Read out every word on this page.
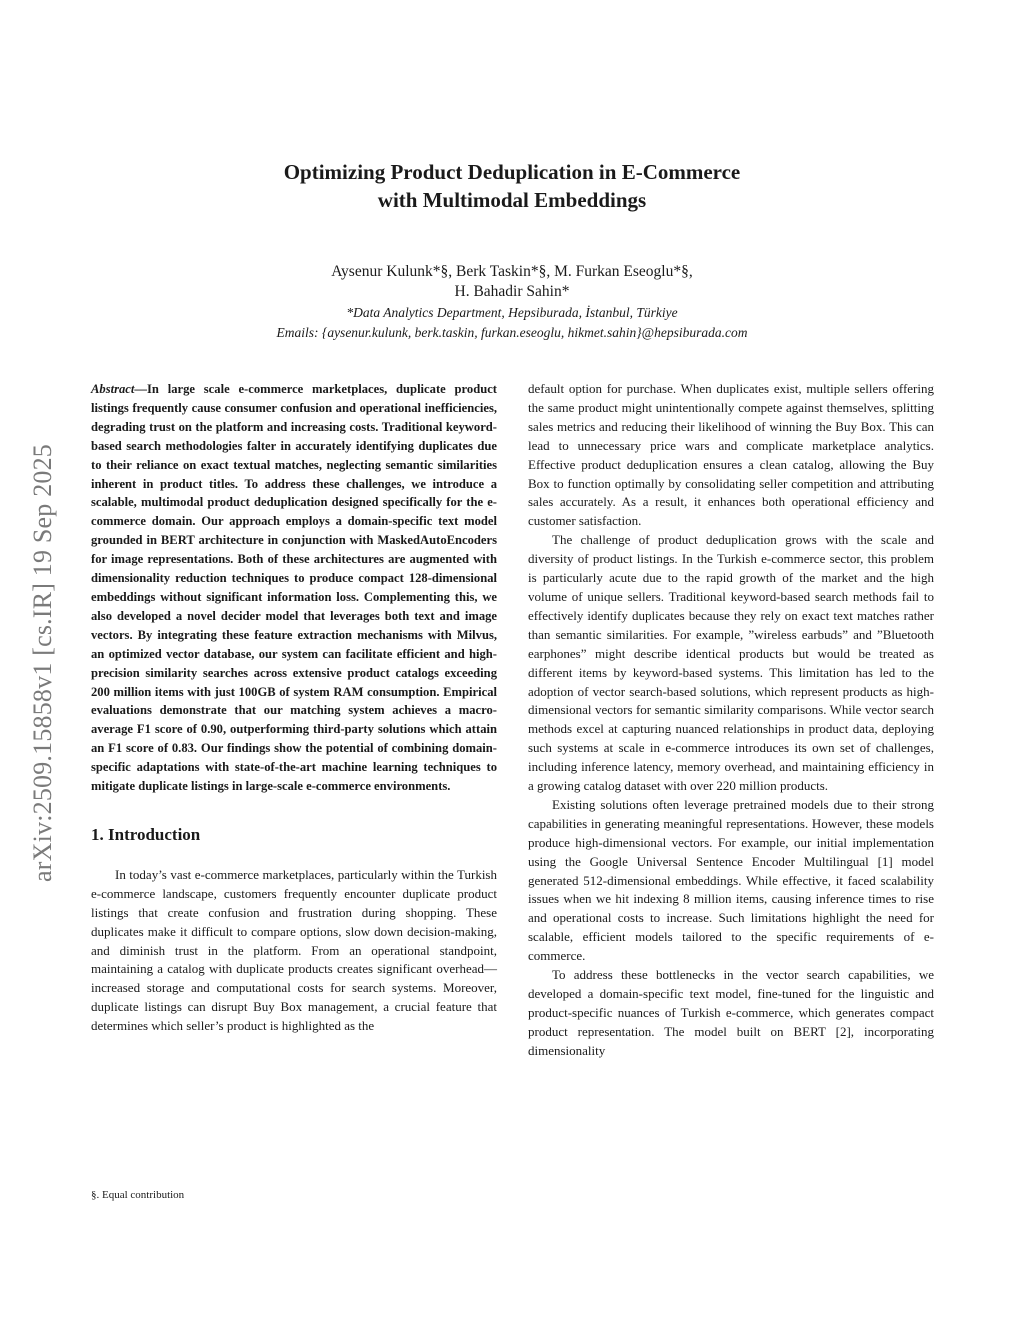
Optimizing Product Deduplication in E-Commerce
with Multimodal Embeddings
Aysenur Kulunk*§, Berk Taskin*§, M. Furkan Eseoglu*§,
H. Bahadir Sahin*
*Data Analytics Department, Hepsiburada, İstanbul, Türkiye
Emails: {aysenur.kulunk, berk.taskin, furkan.eseoglu, hikmet.sahin}@hepsiburada.com
arXiv:2509.15858v1 [cs.IR] 19 Sep 2025

Abstract—In large scale e-commerce marketplaces, duplicate product listings frequently cause consumer confusion and operational inefficiencies, degrading trust on the platform and increasing costs. Traditional keyword-based search methodologies falter in accurately identifying duplicates due to their reliance on exact textual matches, neglecting semantic similarities inherent in product titles. To address these challenges, we introduce a scalable, multimodal product deduplication designed specifically for the e-commerce domain. Our approach employs a domain-specific text model grounded in BERT architecture in conjunction with MaskedAutoEncoders for image representations. Both of these architectures are augmented with dimensionality reduction techniques to produce compact 128-dimensional embeddings without significant information loss. Complementing this, we also developed a novel decider model that leverages both text and image vectors. By integrating these feature extraction mechanisms with Milvus, an optimized vector database, our system can facilitate efficient and high-precision similarity searches across extensive product catalogs exceeding 200 million items with just 100GB of system RAM consumption. Empirical evaluations demonstrate that our matching system achieves a macro-average F1 score of 0.90, outperforming third-party solutions which attain an F1 score of 0.83. Our findings show the potential of combining domain-specific adaptations with state-of-the-art machine learning techniques to mitigate duplicate listings in large-scale e-commerce environments.

1. Introduction

In today’s vast e-commerce marketplaces, particularly within the Turkish e-commerce landscape, customers frequently encounter duplicate product listings that create confusion and frustration during shopping. These duplicates make it difficult to compare options, slow down decision-making, and diminish trust in the platform. From an operational standpoint, maintaining a catalog with duplicate products creates significant overhead—increased storage and computational costs for search systems. Moreover, duplicate listings can disrupt Buy Box management, a crucial feature that determines which seller’s product is highlighted as the

default option for purchase. When duplicates exist, multiple sellers offering the same product might unintentionally compete against themselves, splitting sales metrics and reducing their likelihood of winning the Buy Box. This can lead to unnecessary price wars and complicate marketplace analytics. Effective product deduplication ensures a clean catalog, allowing the Buy Box to function optimally by consolidating seller competition and attributing sales accurately. As a result, it enhances both operational efficiency and customer satisfaction.

The challenge of product deduplication grows with the scale and diversity of product listings. In the Turkish e-commerce sector, this problem is particularly acute due to the rapid growth of the market and the high volume of unique sellers. Traditional keyword-based search methods fail to effectively identify duplicates because they rely on exact text matches rather than semantic similarities. For example, ”wireless earbuds” and ”Bluetooth earphones” might describe identical products but would be treated as different items by keyword-based systems. This limitation has led to the adoption of vector search-based solutions, which represent products as high-dimensional vectors for semantic similarity comparisons. While vector search methods excel at capturing nuanced relationships in product data, deploying such systems at scale in e-commerce introduces its own set of challenges, including inference latency, memory overhead, and maintaining efficiency in a growing catalog dataset with over 220 million products.

Existing solutions often leverage pretrained models due to their strong capabilities in generating meaningful representations. However, these models produce high-dimensional vectors. For example, our initial implementation using the Google Universal Sentence Encoder Multilingual [1] model generated 512-dimensional embeddings. While effective, it faced scalability issues when we hit indexing 8 million items, causing inference times to rise and operational costs to increase. Such limitations highlight the need for scalable, efficient models tailored to the specific requirements of e-commerce.

To address these bottlenecks in the vector search capabilities, we developed a domain-specific text model, fine-tuned for the linguistic and product-specific nuances of Turkish e-commerce, which generates compact product representation. The model built on BERT [2], incorporating dimensionality

§. Equal contribution
